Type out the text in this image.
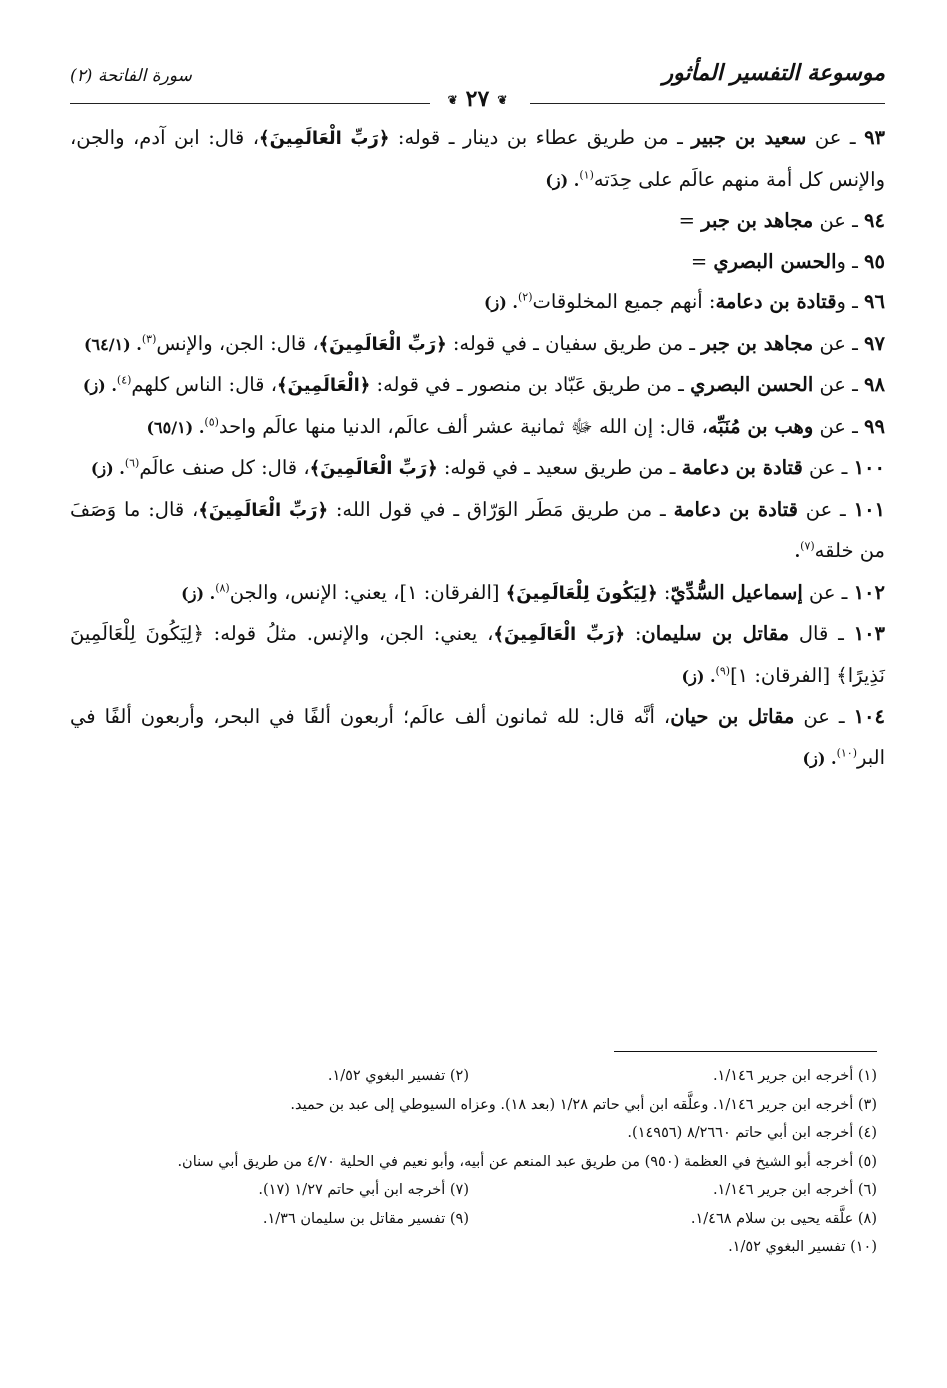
موسوعة التفسير المأثور
سورة الفاتحة (٢)
❦٢٧❦

٩٣ ـ عن سعيد بن جبير ـ من طريق عطاء بن دينار ـ قوله: ﴿رَبِّ الْعَالَمِينَ﴾، قال: ابن آدم، والجن، والإنس كل أمة منهم عالَم على حِدَته$^{(١)}$. (ز)

٩٤ ـ عن مجاهد بن جبر =

٩٥ ـ والحسن البصري =

٩٦ ـ وقتادة بن دعامة: أنهم جميع المخلوقات$^{(٢)}$. (ز)

٩٧ ـ عن مجاهد بن جبر ـ من طريق سفيان ـ في قوله: ﴿رَبِّ الْعَالَمِينَ﴾، قال: الجن، والإنس$^{(٣)}$. (٦٤/١)

٩٨ ـ عن الحسن البصري ـ من طريق عَبّاد بن منصور ـ في قوله: ﴿الْعَالَمِينَ﴾، قال: الناس كلهم$^{(٤)}$. (ز)

٩٩ ـ عن وهب بن مُنَبِّه، قال: إن الله ﷻ ثمانية عشر ألف عالَم، الدنيا منها عالَم واحد$^{(٥)}$. (٦٥/١)

١٠٠ ـ عن قتادة بن دعامة ـ من طريق سعيد ـ في قوله: ﴿رَبِّ الْعَالَمِينَ﴾، قال: كل صنف عالَم$^{(٦)}$. (ز)

١٠١ ـ عن قتادة بن دعامة ـ من طريق مَطَر الوَرّاق ـ في قول الله: ﴿رَبِّ الْعَالَمِينَ﴾، قال: ما وَصَفَ من خلقه$^{(٧)}$.

١٠٢ ـ عن إسماعيل السُّدِّيّ: ﴿لِيَكُونَ لِلْعَالَمِينَ﴾ [الفرقان: ١]، يعني: الإنس، والجن$^{(٨)}$. (ز)

١٠٣ ـ قال مقاتل بن سليمان: ﴿رَبِّ الْعَالَمِينَ﴾، يعني: الجن، والإنس. مثلُ قوله: ﴿لِيَكُونَ لِلْعَالَمِينَ نَذِيرًا﴾ [الفرقان: ١]$^{(٩)}$. (ز)

١٠٤ ـ عن مقاتل بن حيان، أنَّه قال: لله ثمانون ألف عالَم؛ أربعون ألفًا في البحر، وأربعون ألفًا في البر$^{(١٠)}$. (ز)

(١) أخرجه ابن جرير ١/١٤٦.
(٢) تفسير البغوي ١/٥٢.
(٣) أخرجه ابن جرير ١/١٤٦. وعلَّقه ابن أبي حاتم ١/٢٨ (بعد ١٨). وعزاه السيوطي إلى عبد بن حميد.
(٤) أخرجه ابن أبي حاتم ٨/٢٦٦٠ (١٤٩٥٦).
(٥) أخرجه أبو الشيخ في العظمة (٩٥٠) من طريق عبد المنعم عن أبيه، وأبو نعيم في الحلية ٤/٧٠ من طريق أبي سنان.
(٦) أخرجه ابن جرير ١/١٤٦.
(٧) أخرجه ابن أبي حاتم ١/٢٧ (١٧).
(٨) علَّقه يحيى بن سلام ١/٤٦٨.
(٩) تفسير مقاتل بن سليمان ١/٣٦.
(١٠) تفسير البغوي ١/٥٢.
